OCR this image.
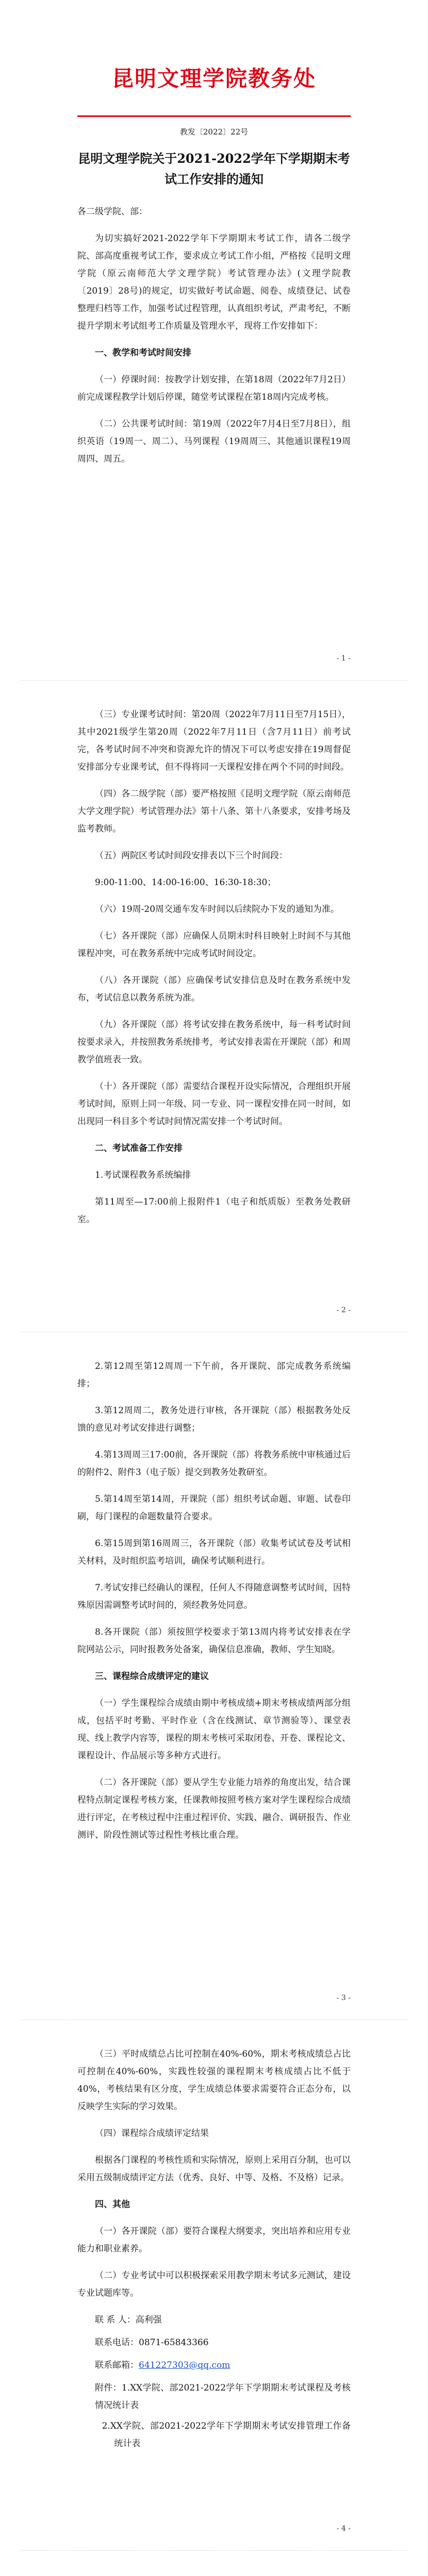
昆明文理学院教务处
教发〔2022〕22号
昆明文理学院关于2021-2022学年下学期期末考试工作安排的通知

各二级学院、部：

为切实搞好2021-2022学年下学期期末考试工作，请各二级学院、部高度重视考试工作，要求成立考试工作小组，严格按《昆明文理学院（原云南师范大学文理学院）考试管理办法》(文理学院教〔2019〕28号)的规定，切实做好考试命题、阅卷、成绩登记、试卷整理归档等工作，加强考试过程管理，认真组织考试，严肃考纪，不断提升学期末考试组考工作质量及管理水平，现将工作安排如下：

一、教学和考试时间安排

（一）停课时间：按教学计划安排，在第18周（2022年7月2日）前完成课程教学计划后停课，随堂考试课程在第18周内完成考核。

（二）公共课考试时间：第19周（2022年7月4日至7月8日），组织英语（19周一、周二）、马列课程（19周周三、其他通识课程19周周四、周五。

- 1 -

（三）专业课考试时间：第20周（2022年7月11日至7月15日），其中2021级学生第20周（2022年7月11日（含7月11日）前考试完，各考试时间不冲突和资源允许的情况下可以考虑安排在19周督促安排部分专业课考试，但不得将同一天课程安排在两个不同的时间段。

（四）各二级学院（部）要严格按照《昆明文理学院（原云南师范大学文理学院）考试管理办法》第十八条、第十八条要求，安排考场及监考教师。

（五）两院区考试时间段安排表以下三个时间段：

9:00-11:00、14:00-16:00、16:30-18:30；

（六）19周-20周交通车发车时间以后续院办下发的通知为准。

（七）各开课院（部）应确保人员期末时科目映射上时间不与其他课程冲突，可在教务系统中完成考试时间设定。

（八）各开课院（部）应确保考试安排信息及时在教务系统中发布，考试信息以教务系统为准。

（九）各开课院（部）将考试安排在教务系统中，每一科考试时间按要求录入，并按照教务系统排考，考试安排表需在开课院（部）和周教学值班表一致。

（十）各开课院（部）需要结合课程开设实际情况，合理组织开展考试时间，原则上同一年级、同一专业、同一课程安排在同一时间，如出现同一科目多个考试时间情况需安排一个考试时间。

二、考试准备工作安排

1.考试课程教务系统编排

第11周至—17:00前上报附件1（电子和纸质版）至教务处教研室。

- 2 -

2.第12周至第12周周一下午前，各开课院、部完成教务系统编排；

3.第12周周二，教务处进行审核，各开课院（部）根据教务处反馈的意见对考试安排进行调整；

4.第13周周三17:00前，各开课院（部）将教务系统中审核通过后的附件2、附件3（电子版）提交到教务处教研室。

5.第14周至第14周，开课院（部）组织考试命题、审题、试卷印刷，每门课程的命题数量符合要求。

6.第15周到第16周周三，各开课院（部）收集考试试卷及考试相关材料，及时组织监考培训，确保考试顺利进行。

7.考试安排已经确认的课程，任何人不得随意调整考试时间，因特殊原因需调整考试时间的，须经教务处同意。

8.各开课院（部）须按照学校要求于第13周内将考试安排表在学院网站公示，同时报教务处备案，确保信息准确，教师、学生知晓。

三、课程综合成绩评定的建议

（一）学生课程综合成绩由期中考核成绩+期末考核成绩两部分组成，包括平时考勤、平时作业（含在线测试、章节测验等）、课堂表现、线上教学内容等，课程的期末考核可采取闭卷、开卷、课程论文、课程设计、作品展示等多种方式进行。

（二）各开课院（部）要从学生专业能力培养的角度出发，结合课程特点制定课程考核方案，任课教师按照考核方案对学生课程综合成绩进行评定，在考核过程中注重过程评价、实践、融合、调研报告、作业测评、阶段性测试等过程性考核比重合理。

- 3 -

（三）平时成绩总占比可控制在40%-60%，期末考核成绩总占比可控制在40%-60%，实践性较强的课程期末考核成绩占比不低于40%，考核结果有区分度，学生成绩总体要求需要符合正态分布，以反映学生实际的学习效果。

（四）课程综合成绩评定结果

根据各门课程的考核性质和实际情况，原则上采用百分制，也可以采用五级制成绩评定方法（优秀、良好、中等、及格、不及格）记录。

四、其他

（一）各开课院（部）要符合课程大纲要求，突出培养和应用专业能力和职业素养。

（二）专业考试中可以积极探索采用教学期末考试多元测试，建设专业试题库等。

联 系 人：高利强

联系电话：0871-65843366

联系邮箱：641227303@qq.com

附件：1.XX学院、部2021-2022学年下学期期末考试课程及考核情况统计表

2.XX学院、部2021-2022学年下学期期末考试安排管理工作备统计表

- 4 -
